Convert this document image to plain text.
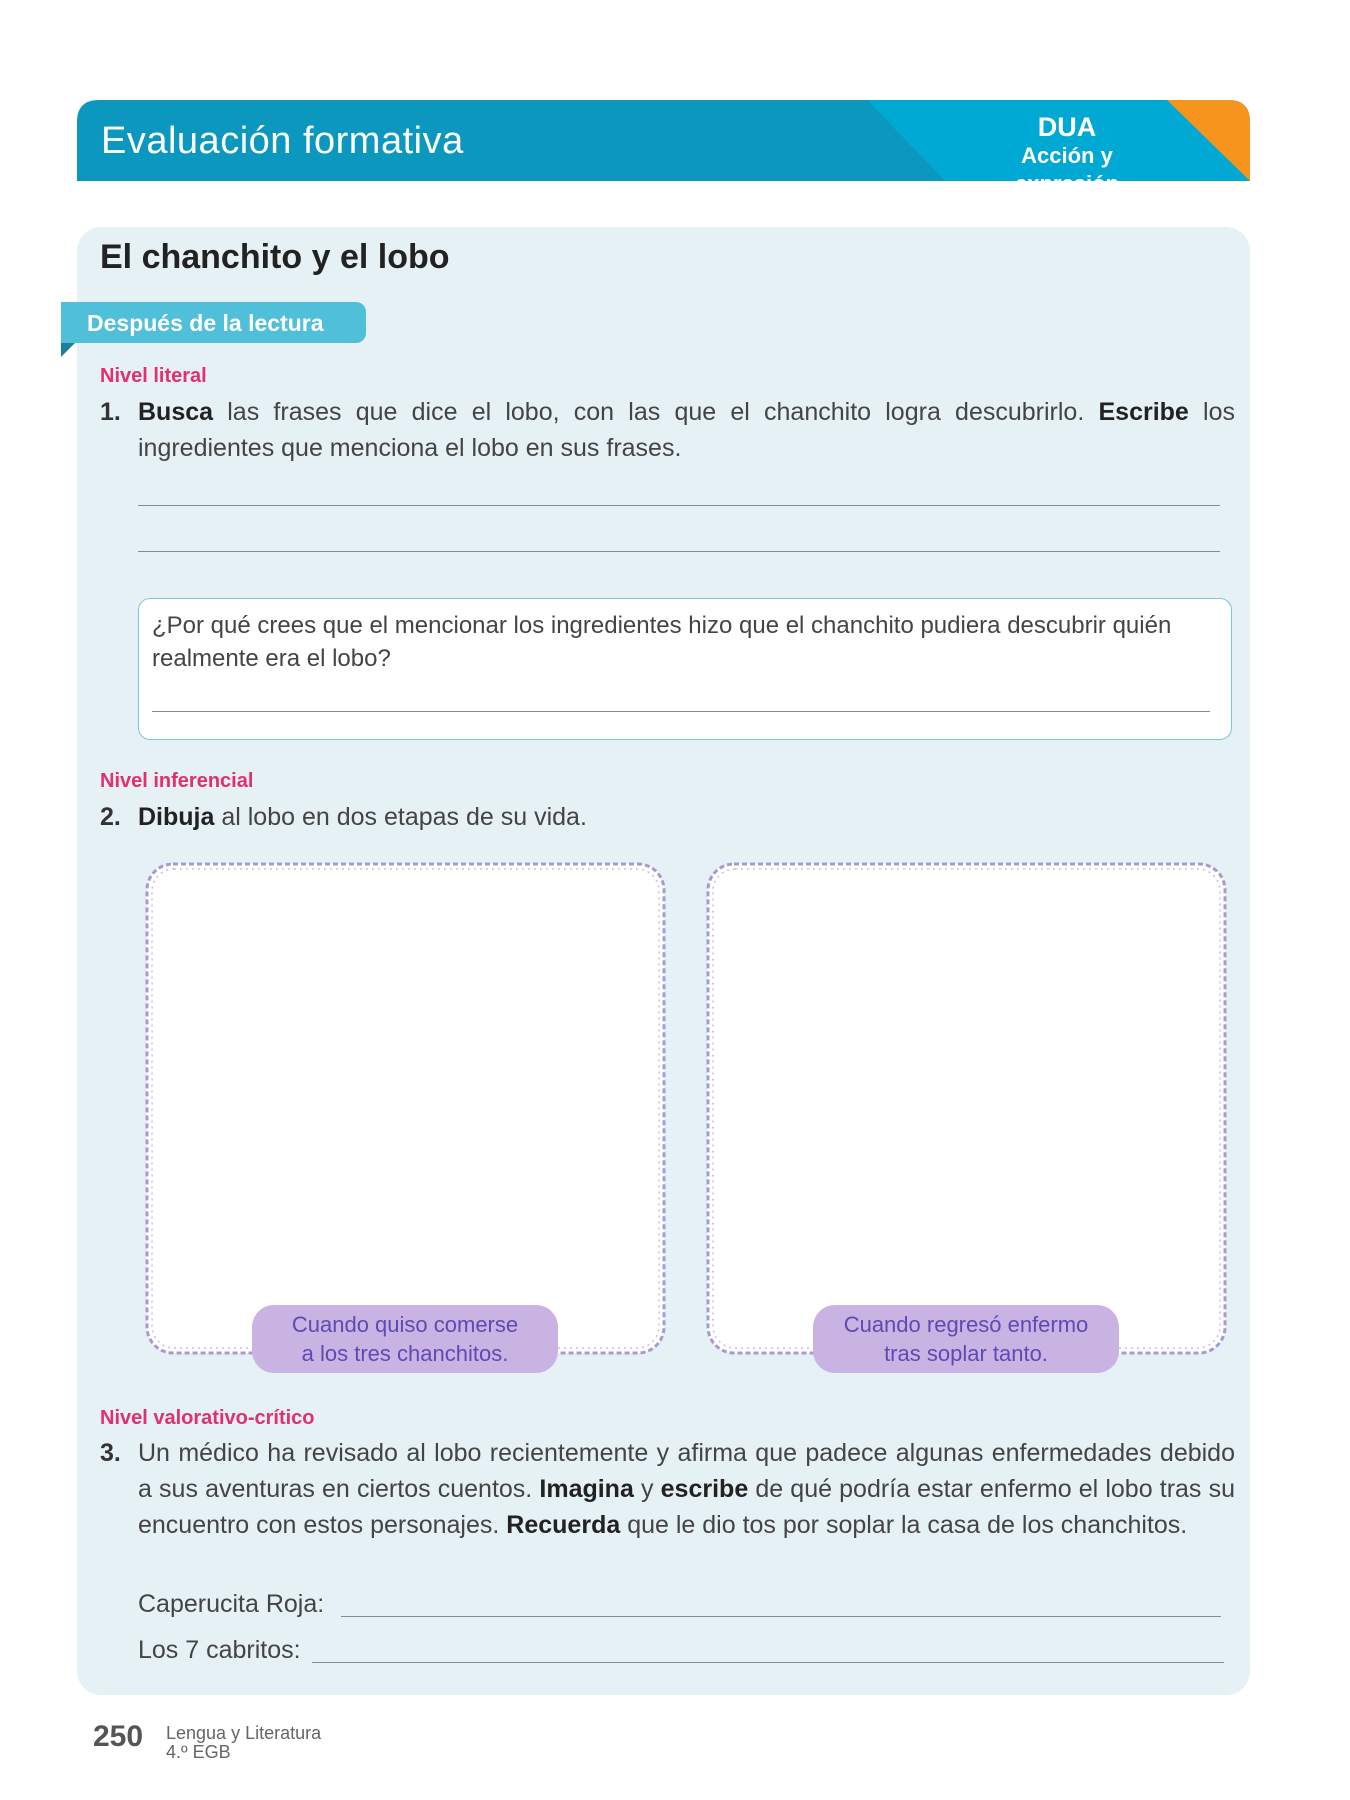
Evaluación formativa	DUA
Acción y expresión
El chanchito y el lobo
Después de la lectura
Nivel literal
1. Busca las frases que dice el lobo, con las que el chanchito logra descubrirlo. Escribe los ingredientes que menciona el lobo en sus frases.
¿Por qué crees que el mencionar los ingredientes hizo que el chanchito pudiera descubrir quién realmente era el lobo?
Nivel inferencial
2. Dibuja al lobo en dos etapas de su vida.
Cuando quiso comerse
a los tres chanchitos.
Cuando regresó enfermo
tras soplar tanto.
Nivel valorativo-crítico
3. Un médico ha revisado al lobo recientemente y afirma que padece algunas enfermedades debido a sus aventuras en ciertos cuentos. Imagina y escribe de qué podría estar enfermo el lobo tras su encuentro con estos personajes. Recuerda que le dio tos por soplar la casa de los chanchitos.
Caperucita Roja:
Los 7 cabritos:
250 Lengua y Literatura
4.º EGB
